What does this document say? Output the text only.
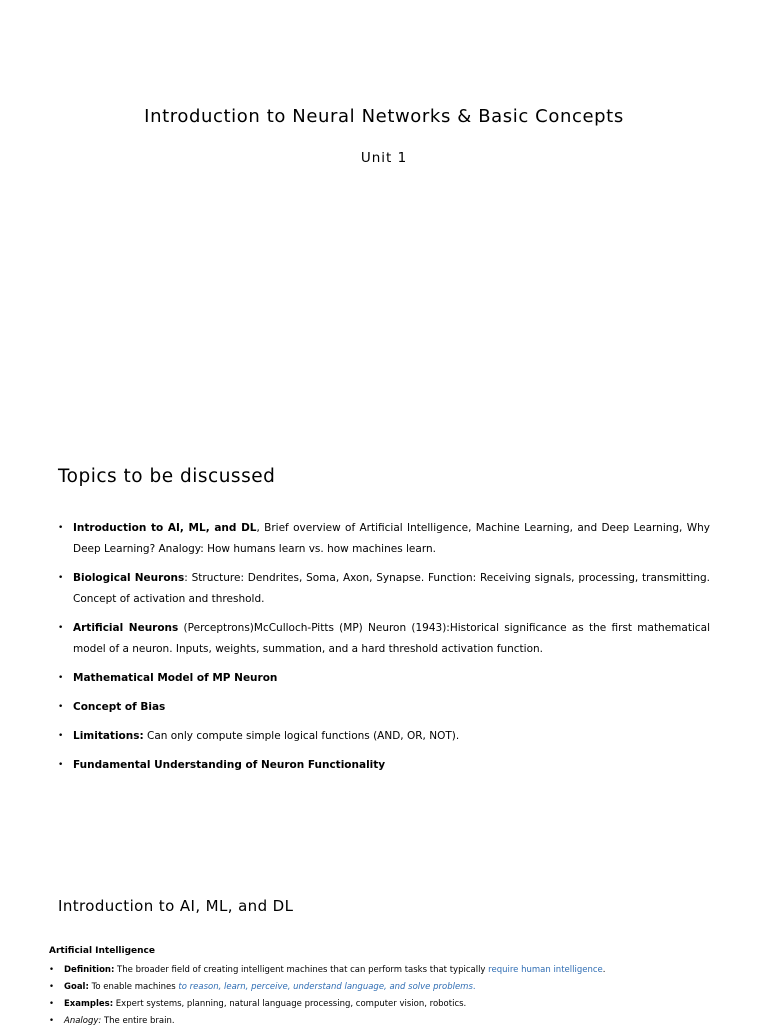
Introduction to Neural Networks & Basic Concepts
Unit 1
Topics to be discussed
• Introduction to AI, ML, and DL, Brief overview of Artificial Intelligence, Machine Learning, and Deep Learning, Why Deep Learning? Analogy: How humans learn vs. how machines learn.
• Biological Neurons: Structure: Dendrites, Soma, Axon, Synapse. Function: Receiving signals, processing, transmitting. Concept of activation and threshold.
• Artificial Neurons (Perceptrons)McCulloch-Pitts (MP) Neuron (1943):Historical significance as the first mathematical model of a neuron. Inputs, weights, summation, and a hard threshold activation function.
• Mathematical Model of MP Neuron
• Concept of Bias
• Limitations: Can only compute simple logical functions (AND, OR, NOT).
• Fundamental Understanding of Neuron Functionality
Introduction to AI, ML, and DL
Artificial Intelligence
• Definition: The broader field of creating intelligent machines that can perform tasks that typically require human intelligence.
• Goal: To enable machines to reason, learn, perceive, understand language, and solve problems.
• Examples: Expert systems, planning, natural language processing, computer vision, robotics.
• Analogy: The entire brain.
